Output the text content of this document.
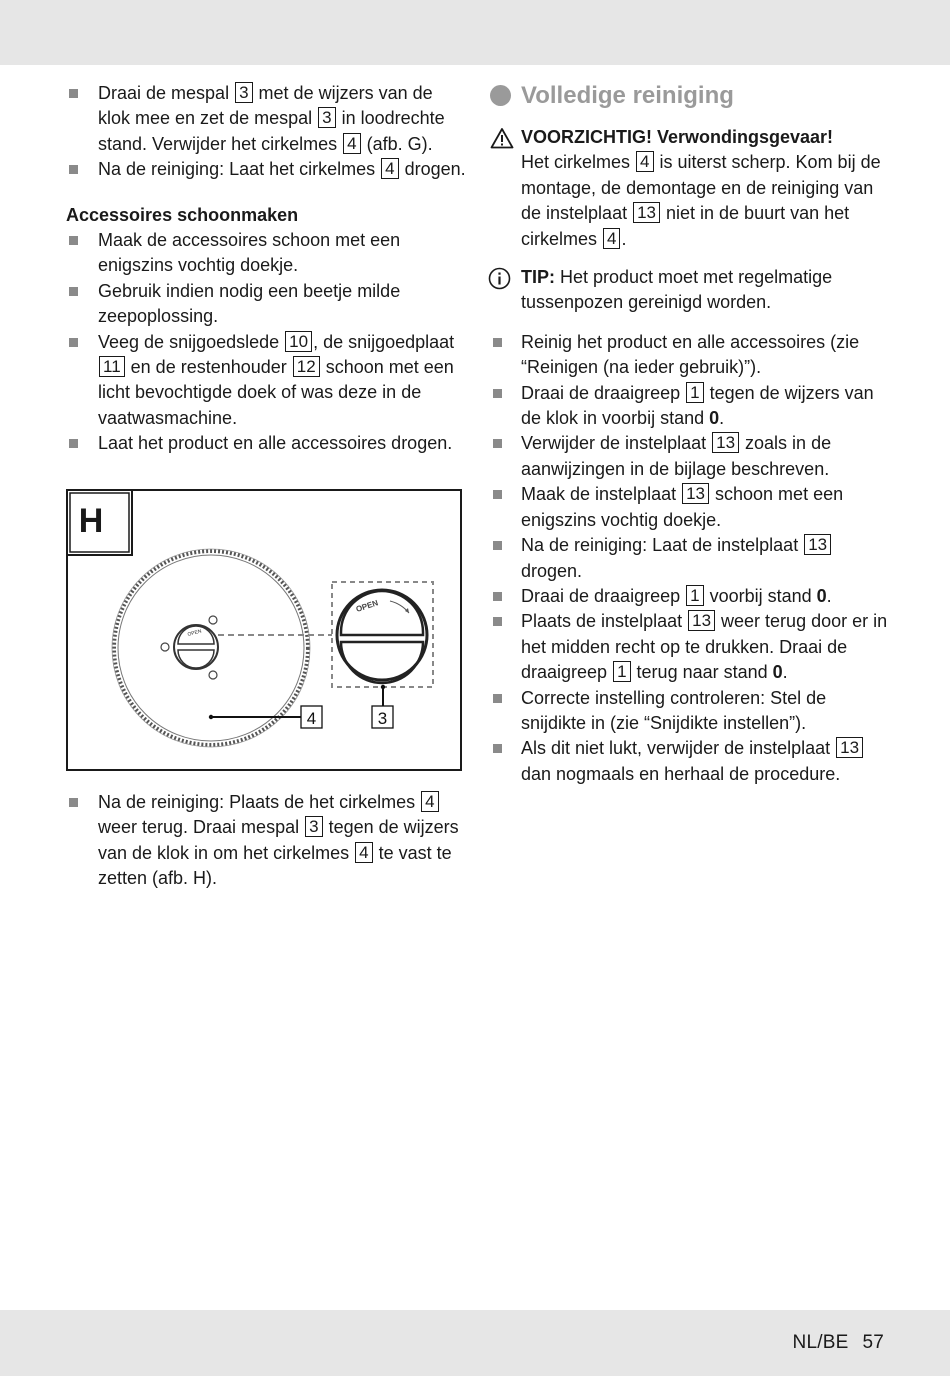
Draai de mespal 3 met de wijzers van de klok mee en zet de mespal 3 in loodrechte stand. Verwijder het cirkelmes 4 (afb. G).
Na de reiniging: Laat het cirkelmes 4 drogen.
Accessoires schoonmaken
Maak de accessoires schoon met een enigszins vochtig doekje.
Gebruik indien nodig een beetje milde zeepoplossing.
Veeg de snijgoedslede 10 , de snijgoedplaat 11 en de restenhouder 12 schoon met een licht bevochtigde doek of was deze in de vaatwasmachine.
Laat het product en alle accessoires drogen.
H
OPEN
OPEN
4	3
Na de reiniging: Plaats de het cirkelmes 4 weer terug. Draai mespal 3 tegen de wijzers van de klok in om het cirkelmes 4 te vast te zetten (afb. H).
Volledige reiniging
VOORZICHTIG! Verwondingsgevaar!
Het cirkelmes 4 is uiterst scherp. Kom bij de montage, de demontage en de reiniging van de instelplaat 13 niet in de buurt van het cirkelmes 4 .
TIP: Het product moet met regelmatige tussenpozen gereinigd worden.
Reinig het product en alle accessoires (zie “Reinigen (na ieder gebruik)”).
Draai de draaigreep 1 tegen de wijzers van de klok in voorbij stand 0.
Verwijder de instelplaat 13 zoals in de aanwijzingen in de bijlage beschreven.
Maak de instelplaat 13 schoon met een enigszins vochtig doekje.
Na de reiniging: Laat de instelplaat 13 drogen.
Draai de draaigreep 1 voorbij stand 0.
Plaats de instelplaat 13 weer terug door er in het midden recht op te drukken. Draai de draaigreep 1 terug naar stand 0.
Correcte instelling controleren: Stel de snijdikte in (zie “Snijdikte instellen”).
Als dit niet lukt, verwijder de instelplaat 13 dan nogmaals en herhaal de procedure.
NL/BE 57
